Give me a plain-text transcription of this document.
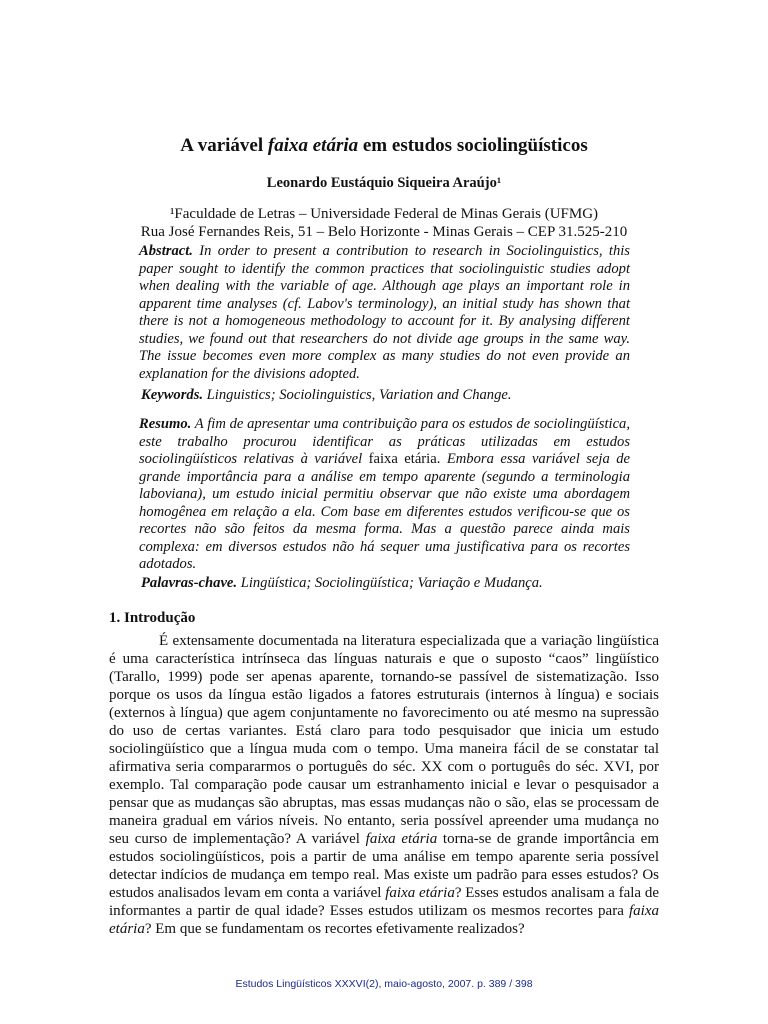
A variável faixa etária em estudos sociolingüísticos
Leonardo Eustáquio Siqueira Araújo¹
¹Faculdade de Letras – Universidade Federal de Minas Gerais (UFMG)
Rua José Fernandes Reis, 51 – Belo Horizonte - Minas Gerais – CEP 31.525-210
Abstract. In order to present a contribution to research in Sociolinguistics, this paper sought to identify the common practices that sociolinguistic studies adopt when dealing with the variable of age. Although age plays an important role in apparent time analyses (cf. Labov's terminology), an initial study has shown that there is not a homogeneous methodology to account for it. By analysing different studies, we found out that researchers do not divide age groups in the same way. The issue becomes even more complex as many studies do not even provide an explanation for the divisions adopted.
Keywords. Linguistics; Sociolinguistics, Variation and Change.
Resumo. A fim de apresentar uma contribuição para os estudos de sociolingüística, este trabalho procurou identificar as práticas utilizadas em estudos sociolingüísticos relativas à variável faixa etária. Embora essa variável seja de grande importância para a análise em tempo aparente (segundo a terminologia laboviana), um estudo inicial permitiu observar que não existe uma abordagem homogênea em relação a ela. Com base em diferentes estudos verificou-se que os recortes não são feitos da mesma forma. Mas a questão parece ainda mais complexa: em diversos estudos não há sequer uma justificativa para os recortes adotados.
Palavras-chave. Lingüística; Sociolingüística; Variação e Mudança.
1. Introdução

É extensamente documentada na literatura especializada que a variação lingüística é uma característica intrínseca das línguas naturais e que o suposto “caos” lingüístico (Tarallo, 1999) pode ser apenas aparente, tornando-se passível de sistematização. Isso porque os usos da língua estão ligados a fatores estruturais (internos à língua) e sociais (externos à língua) que agem conjuntamente no favorecimento ou até mesmo na supressão do uso de certas variantes. Está claro para todo pesquisador que inicia um estudo sociolingüístico que a língua muda com o tempo. Uma maneira fácil de se constatar tal afirmativa seria compararmos o português do séc. XX com o português do séc. XVI, por exemplo. Tal comparação pode causar um estranhamento inicial e levar o pesquisador a pensar que as mudanças são abruptas, mas essas mudanças não o são, elas se processam de maneira gradual em vários níveis. No entanto, seria possível apreender uma mudança no seu curso de implementação? A variável faixa etária torna-se de grande importância em estudos sociolingüísticos, pois a partir de uma análise em tempo aparente seria possível detectar indícios de mudança em tempo real. Mas existe um padrão para esses estudos? Os estudos analisados levam em conta a variável faixa etária? Esses estudos analisam a fala de informantes a partir de qual idade? Esses estudos utilizam os mesmos recortes para faixa etária? Em que se fundamentam os recortes efetivamente realizados?

Estudos Lingüísticos XXXVI(2), maio-agosto, 2007. p. 389 / 398
